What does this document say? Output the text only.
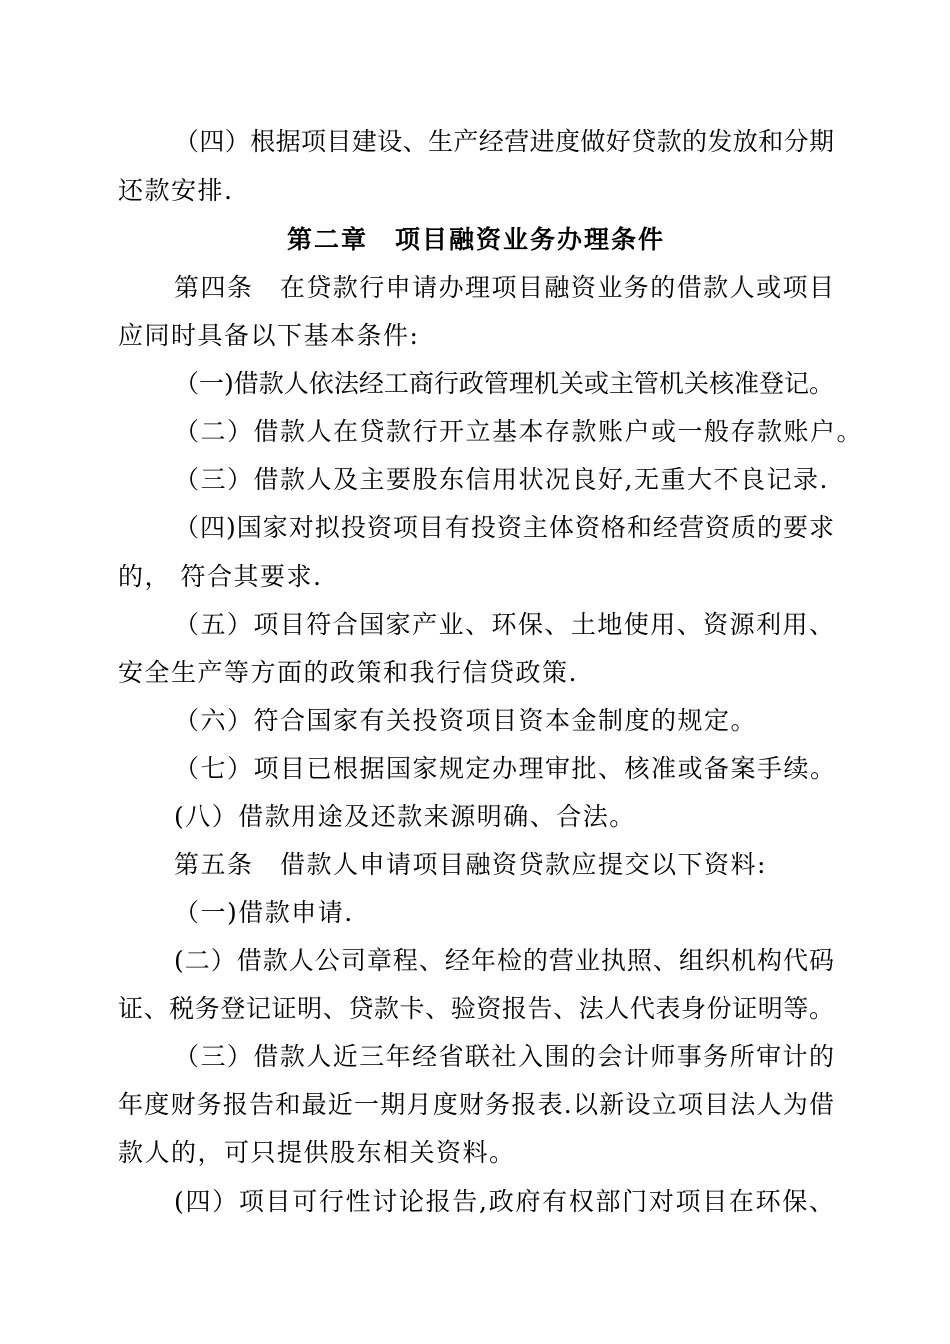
（四）根据项目建设、生产经营进度做好贷款的发放和分期
还款安排.
第二章　项目融资业务办理条件
第四条　在贷款行申请办理项目融资业务的借款人或项目
应同时具备以下基本条件:
（一)借款人依法经工商行政管理机关或主管机关核准登记。
（二）借款人在贷款行开立基本存款账户或一般存款账户。
（三）借款人及主要股东信用状况良好,无重大不良记录.
（四)国家对拟投资项目有投资主体资格和经营资质的要求
的， 符合其要求.
（五）项目符合国家产业、环保、土地使用、资源利用、
安全生产等方面的政策和我行信贷政策.
（六）符合国家有关投资项目资本金制度的规定。
（七）项目已根据国家规定办理审批、核准或备案手续。
(八）借款用途及还款来源明确、合法。
第五条　借款人申请项目融资贷款应提交以下资料:
（一)借款申请.
(二）借款人公司章程、经年检的营业执照、组织机构代码
证、税务登记证明、贷款卡、验资报告、法人代表身份证明等。
（三）借款人近三年经省联社入围的会计师事务所审计的
年度财务报告和最近一期月度财务报表.以新设立项目法人为借
款人的，可只提供股东相关资料。
(四）项目可行性讨论报告,政府有权部门对项目在环保、
